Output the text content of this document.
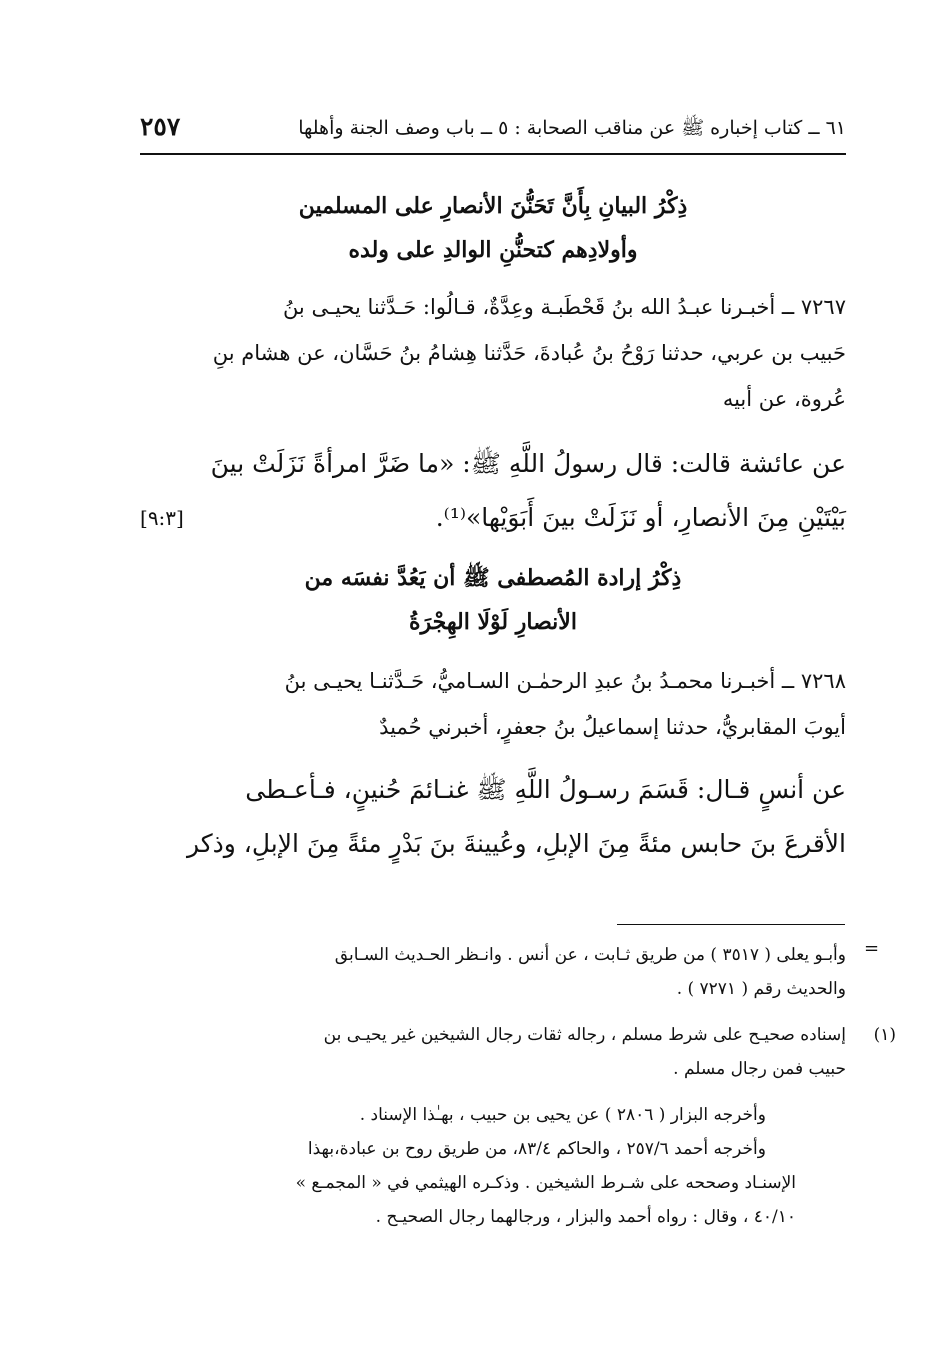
٦١ ــ كتاب إخباره ﷺ عن مناقب الصحابة : ٥ ــ باب وصف الجنة وأهلها
٢٥٧
ذِكْرُ البيانِ بِأَنَّ تَحَنُّنَ الأنصارِ على المسلمين
وأولادِهم كتحنُّنِ الوالدِ على ولده
٧٢٦٧ ــ أخبـرنا عبـدُ الله بنُ قَحْطَبـة وعِدَّةٌ، قـالُوا: حَـدَّثنا يحيـى بنُ
حَبيب بن عربي، حدثنا رَوْحُ بنُ عُبادةَ، حَدَّثنا هِشامُ بنُ حَسَّان، عن هشام بنِ
عُروة، عن أبيه
عن عائشة قالت: قال رسولُ اللَّهِ ﷺ: «ما ضَرَّ امرأةً نَزَلَتْ بينَ
بَيْتَيْنِ مِنَ الأنصارِ، أو نَزَلَتْ بينَ أَبَوَيْها»⁽¹⁾.
[٩:٣]
ذِكْرُ إرادة المُصطفى ﷺ أن يَعُدَّ نفسَه من
الأنصارِ لَوْلَا الهِجْرَةُ
٧٢٦٨ ــ أخبـرنا محمـدُ بنُ عبدِ الرحمٰـن السـاميُّ، حَـدَّثنـا يحيـى بنُ
أيوبَ المقابريُّ، حدثنا إسماعيلُ بنُ جعفرٍ، أخبرني حُميدٌ
عن أنسٍ قـال: قَسَمَ رسـولُ اللَّهِ ﷺ غنـائمَ حُنينٍ، فـأعـطى
الأقرعَ بنَ حابس مئةً مِنَ الإبلِ، وعُيينةَ بنَ بَدْرٍ مئةً مِنَ الإبلِ، وذكر
=
وأبـو يعلى ( ٣٥١٧ ) من طريق ثـابت ، عن أنس . وانـظر الحـديث السـابق
والحديث رقم ( ٧٢٧١ ) .
(١)
إسناده صحيـح على شرط مسلم ، رجاله ثقات رجال الشيخين غير يحيـى بن
حبيب فمن رجال مسلم .
وأخرجه البزار ( ٢٨٠٦ ) عن يحيى بن حبيب ، بهـٰذا الإسناد .
وأخرجه أحمد ٢٥٧/٦ ، والحاكم ٨٣/٤، من طريق روح بن عبادة،بهذا
الإسنـاد وصححه على شـرط الشيخين . وذكـره الهيثمي في « المجمـع »
٤٠/١٠ ، وقال : رواه أحمد والبزار ، ورجالهما رجال الصحيـح .
